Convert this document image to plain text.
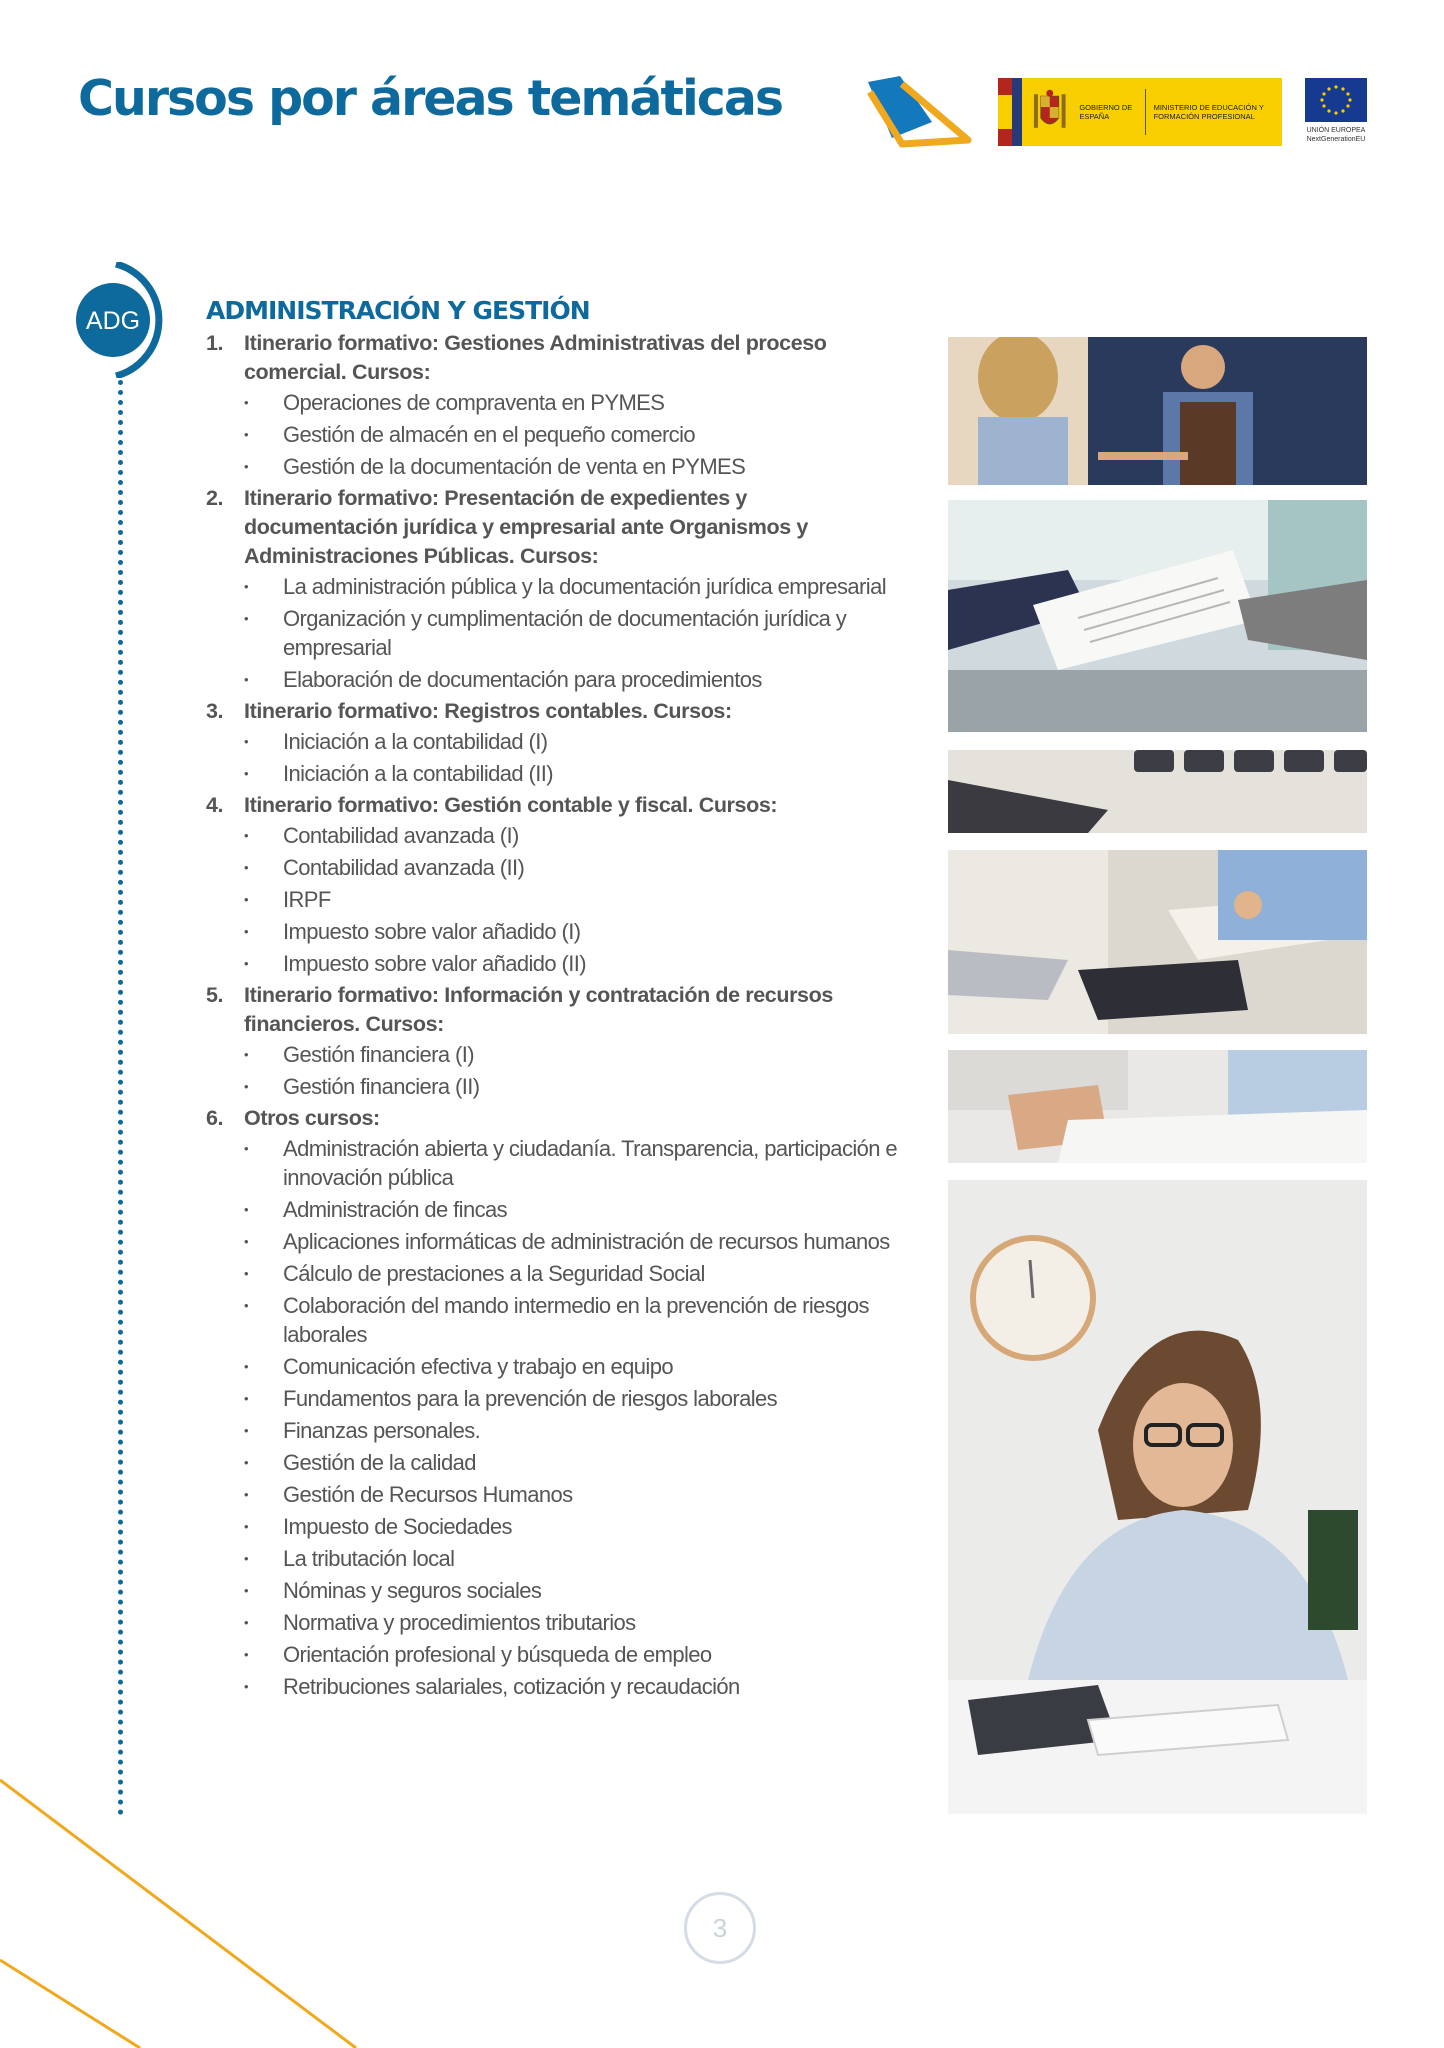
Cursos por áreas temáticas	GOBIERNO DE ESPAÑA
MINISTERIO DE EDUCACIÓN Y FORMACIÓN PROFESIONAL
UNIÓN EUROPEA
NextGenerationEU
ADG	ADMINISTRACIÓN Y GESTIÓN
1. Itinerario formativo: Gestiones Administrativas del proceso comercial. Cursos:
•	Operaciones de compraventa en PYMES
•	Gestión de almacén en el pequeño comercio
•	Gestión de la documentación de venta en PYMES
2. Itinerario formativo: Presentación de expedientes y documentación jurídica y empresarial ante Organismos y Administraciones Públicas. Cursos:
•	La administración pública y la documentación jurídica empresarial
•	Organización y cumplimentación de documentación jurídica y empresarial
•	Elaboración de documentación para procedimientos
3. Itinerario formativo: Registros contables. Cursos:
•	Iniciación a la contabilidad (I)
•	Iniciación a la contabilidad (II)
4. Itinerario formativo: Gestión contable y fiscal. Cursos:
•	Contabilidad avanzada (I)
•	Contabilidad avanzada (II)
•	IRPF
•	Impuesto sobre valor añadido (I)
•	Impuesto sobre valor añadido (II)
5. Itinerario formativo: Información y contratación de recursos financieros. Cursos:
•	Gestión financiera (I)
•	Gestión financiera (II)
6. Otros cursos:
•	Administración abierta y ciudadanía. Transparencia, participación e innovación pública
•	Administración de fincas
•	Aplicaciones informáticas de administración de recursos humanos
•	Cálculo de prestaciones a la Seguridad Social
•	Colaboración del mando intermedio en la prevención de riesgos laborales
•	Comunicación efectiva y trabajo en equipo
•	Fundamentos para la prevención de riesgos laborales
•	Finanzas personales.
•	Gestión de la calidad
•	Gestión de Recursos Humanos
•	Impuesto de Sociedades
•	La tributación local
•	Nóminas y seguros sociales
•	Normativa y procedimientos tributarios
•	Orientación profesional y búsqueda de empleo
•	Retribuciones salariales, cotización y recaudación
3
